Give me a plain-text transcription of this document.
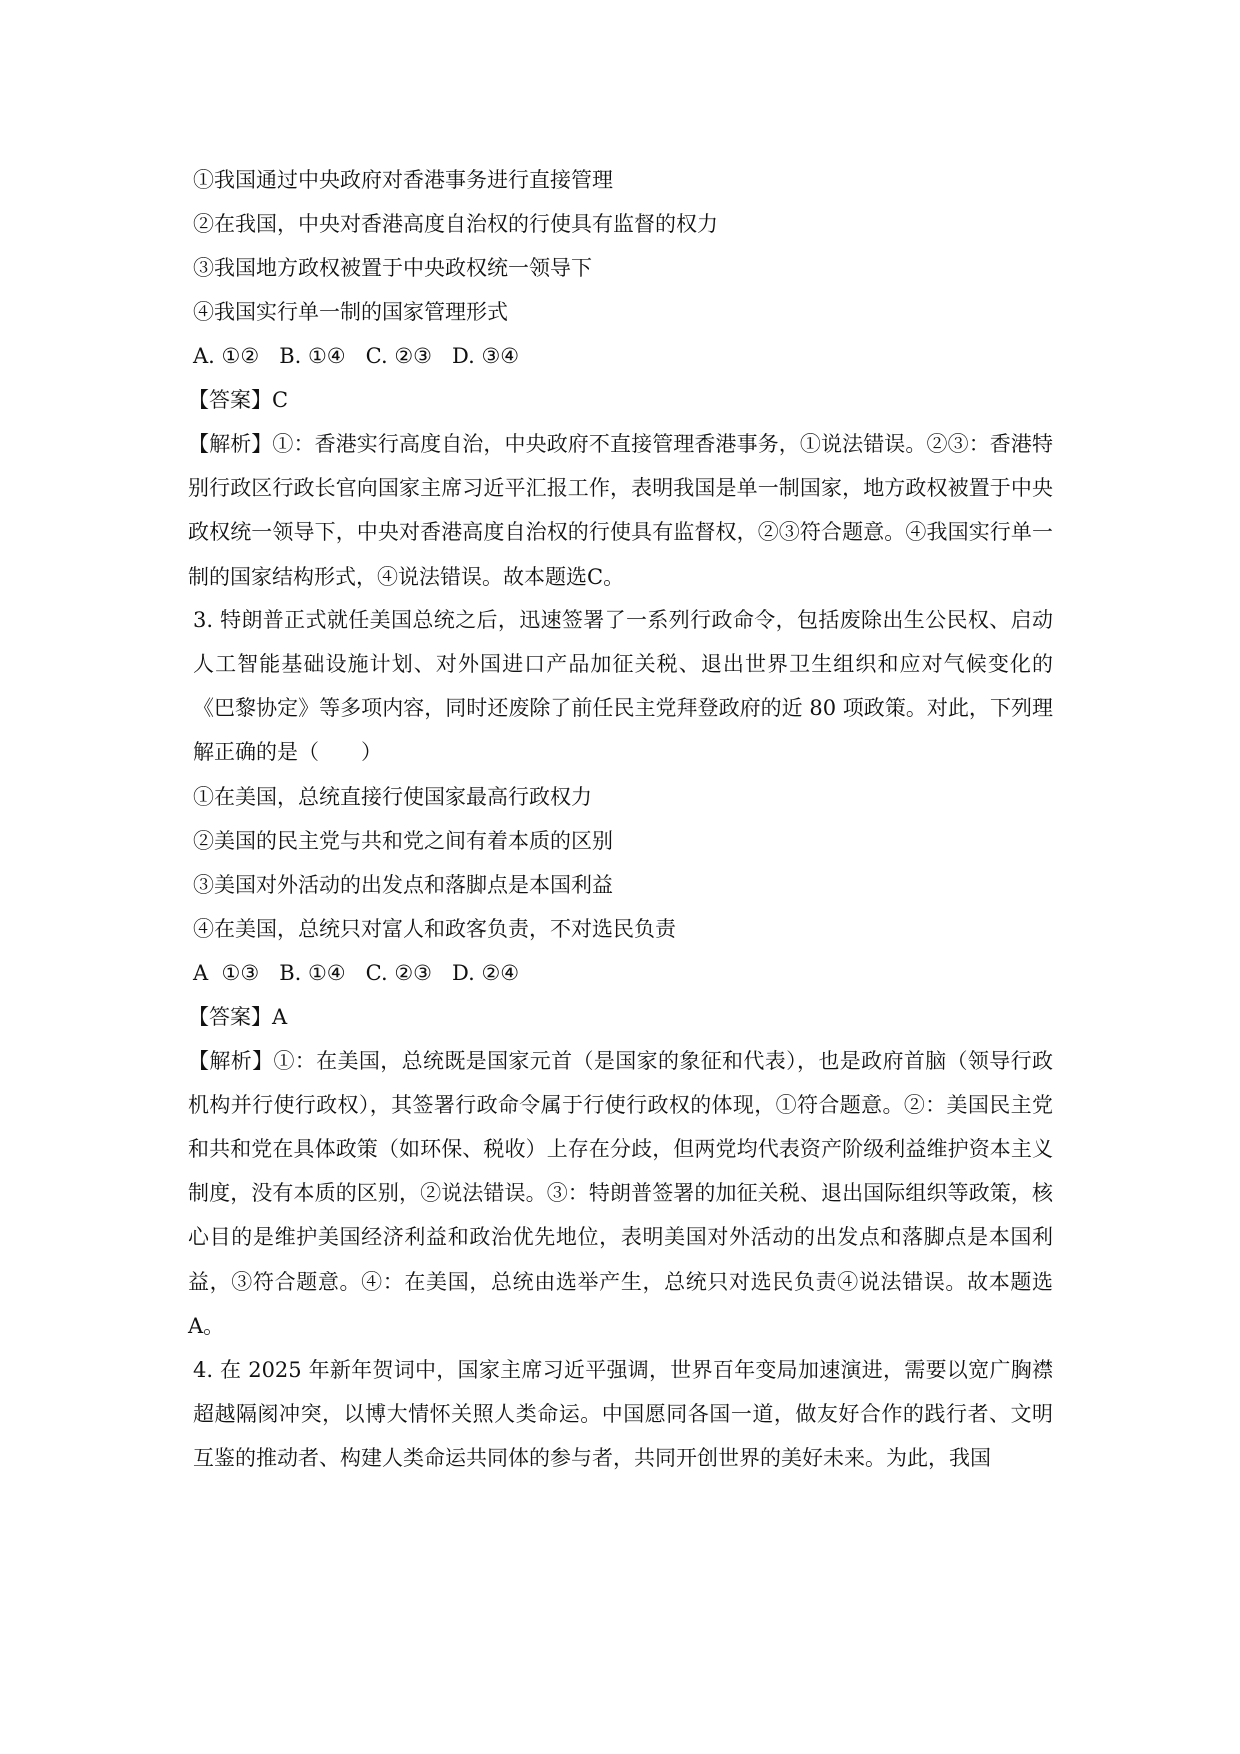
①我国通过中央政府对香港事务进行直接管理
②在我国，中央对香港高度自治权的行使具有监督的权力
③我国地方政权被置于中央政权统一领导下
④我国实行单一制的国家管理形式
A. ①②   B. ①④   C. ②③   D. ③④
【答案】C

【解析】①：香港实行高度自治，中央政府不直接管理香港事务，①说法错误。②③：香港特别行政区行政长官向国家主席习近平汇报工作，表明我国是单一制国家，地方政权被置于中央政权统一领导下，中央对香港高度自治权的行使具有监督权，②③符合题意。④我国实行单一制的国家结构形式，④说法错误。故本题选C。

3. 特朗普正式就任美国总统之后，迅速签署了一系列行政命令，包括废除出生公民权、启动人工智能基础设施计划、对外国进口产品加征关税、退出世界卫生组织和应对气候变化的《巴黎协定》等多项内容，同时还废除了前任民主党拜登政府的近 80 项政策。对此，下列理解正确的是（　　）

①在美国，总统直接行使国家最高行政权力
②美国的民主党与共和党之间有着本质的区别
③美国对外活动的出发点和落脚点是本国利益
④在美国，总统只对富人和政客负责，不对选民负责
A  ①③   B. ①④   C. ②③   D. ②④
【答案】A

【解析】①：在美国，总统既是国家元首（是国家的象征和代表），也是政府首脑（领导行政机构并行使行政权），其签署行政命令属于行使行政权的体现，①符合题意。②：美国民主党和共和党在具体政策（如环保、税收）上存在分歧，但两党均代表资产阶级利益维护资本主义制度，没有本质的区别，②说法错误。③：特朗普签署的加征关税、退出国际组织等政策，核心目的是维护美国经济利益和政治优先地位，表明美国对外活动的出发点和落脚点是本国利益，③符合题意。④：在美国，总统由选举产生，总统只对选民负责④说法错误。故本题选A。

4. 在 2025 年新年贺词中，国家主席习近平强调，世界百年变局加速演进，需要以宽广胸襟超越隔阂冲突，以博大情怀关照人类命运。中国愿同各国一道，做友好合作的践行者、文明互鉴的推动者、构建人类命运共同体的参与者，共同开创世界的美好未来。为此，我国
